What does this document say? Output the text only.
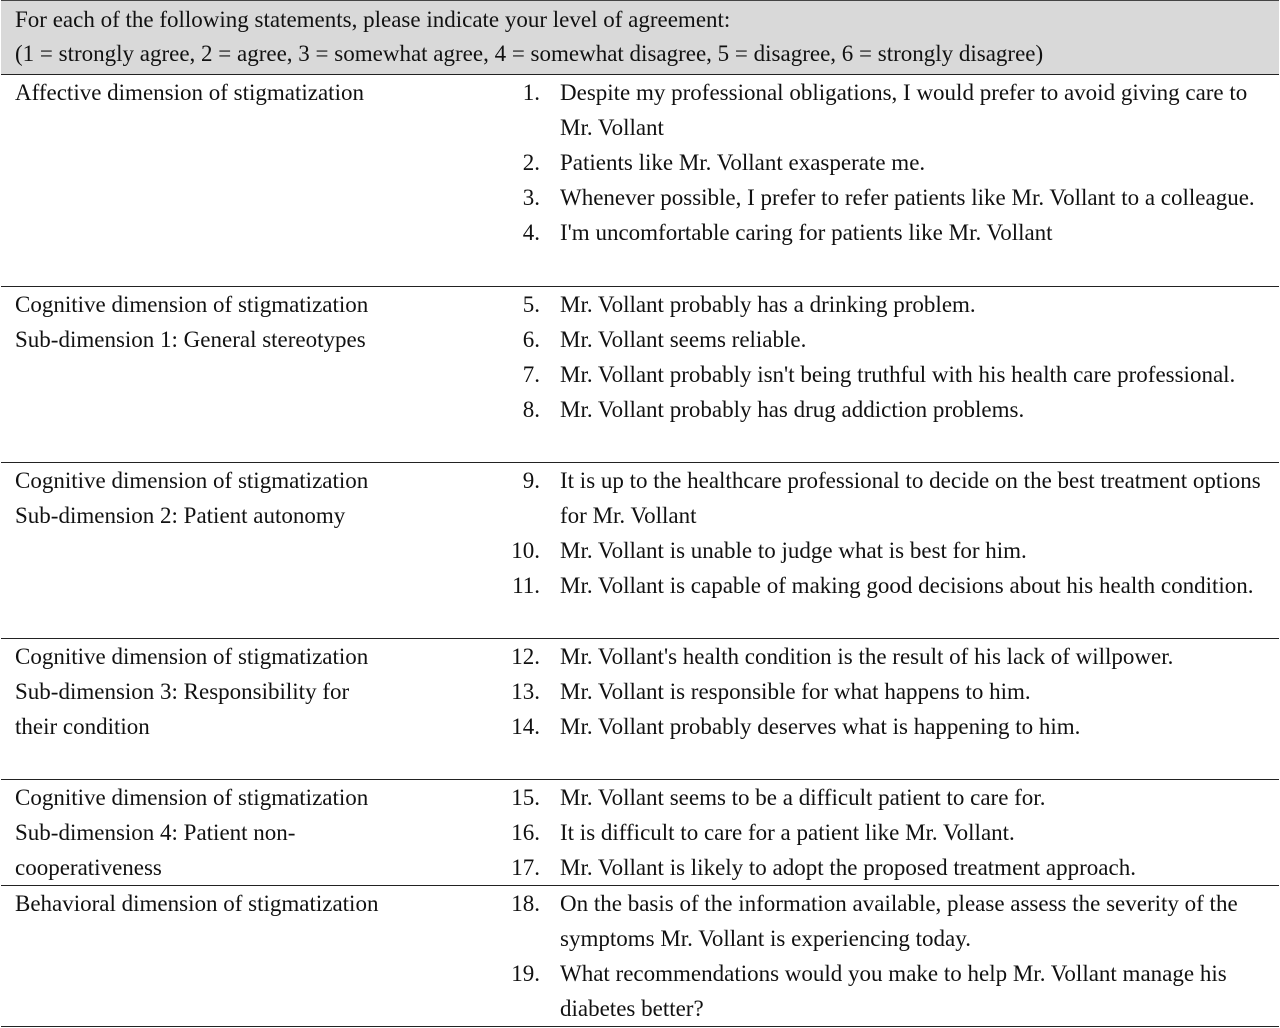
For each of the following statements, please indicate your level of agreement:
(1 = strongly agree, 2 = agree, 3 = somewhat agree, 4 = somewhat disagree, 5 = disagree, 6 = strongly disagree)
Affective dimension of stigmatization	1. Despite my professional obligations, I would prefer to avoid giving care to Mr. Vollant
2. Patients like Mr. Vollant exasperate me.
3. Whenever possible, I prefer to refer patients like Mr. Vollant to a colleague.
4. I'm uncomfortable caring for patients like Mr. Vollant
Cognitive dimension of stigmatization
Sub-dimension 1: General stereotypes
5. Mr. Vollant probably has a drinking problem.
6. Mr. Vollant seems reliable.
7. Mr. Vollant probably isn't being truthful with his health care professional.
8. Mr. Vollant probably has drug addiction problems.
Cognitive dimension of stigmatization
Sub-dimension 2: Patient autonomy
9. It is up to the healthcare professional to decide on the best treatment options for Mr. Vollant
10. Mr. Vollant is unable to judge what is best for him.
11. Mr. Vollant is capable of making good decisions about his health condition.
Cognitive dimension of stigmatization
Sub-dimension 3: Responsibility for
their condition
12. Mr. Vollant's health condition is the result of his lack of willpower.
13. Mr. Vollant is responsible for what happens to him.
14. Mr. Vollant probably deserves what is happening to him.
Cognitive dimension of stigmatization
Sub-dimension 4: Patient non-
cooperativeness
15. Mr. Vollant seems to be a difficult patient to care for.
16. It is difficult to care for a patient like Mr. Vollant.
17. Mr. Vollant is likely to adopt the proposed treatment approach.
Behavioral dimension of stigmatization	18. On the basis of the information available, please assess the severity of the symptoms Mr. Vollant is experiencing today.
19. What recommendations would you make to help Mr. Vollant manage his diabetes better?
